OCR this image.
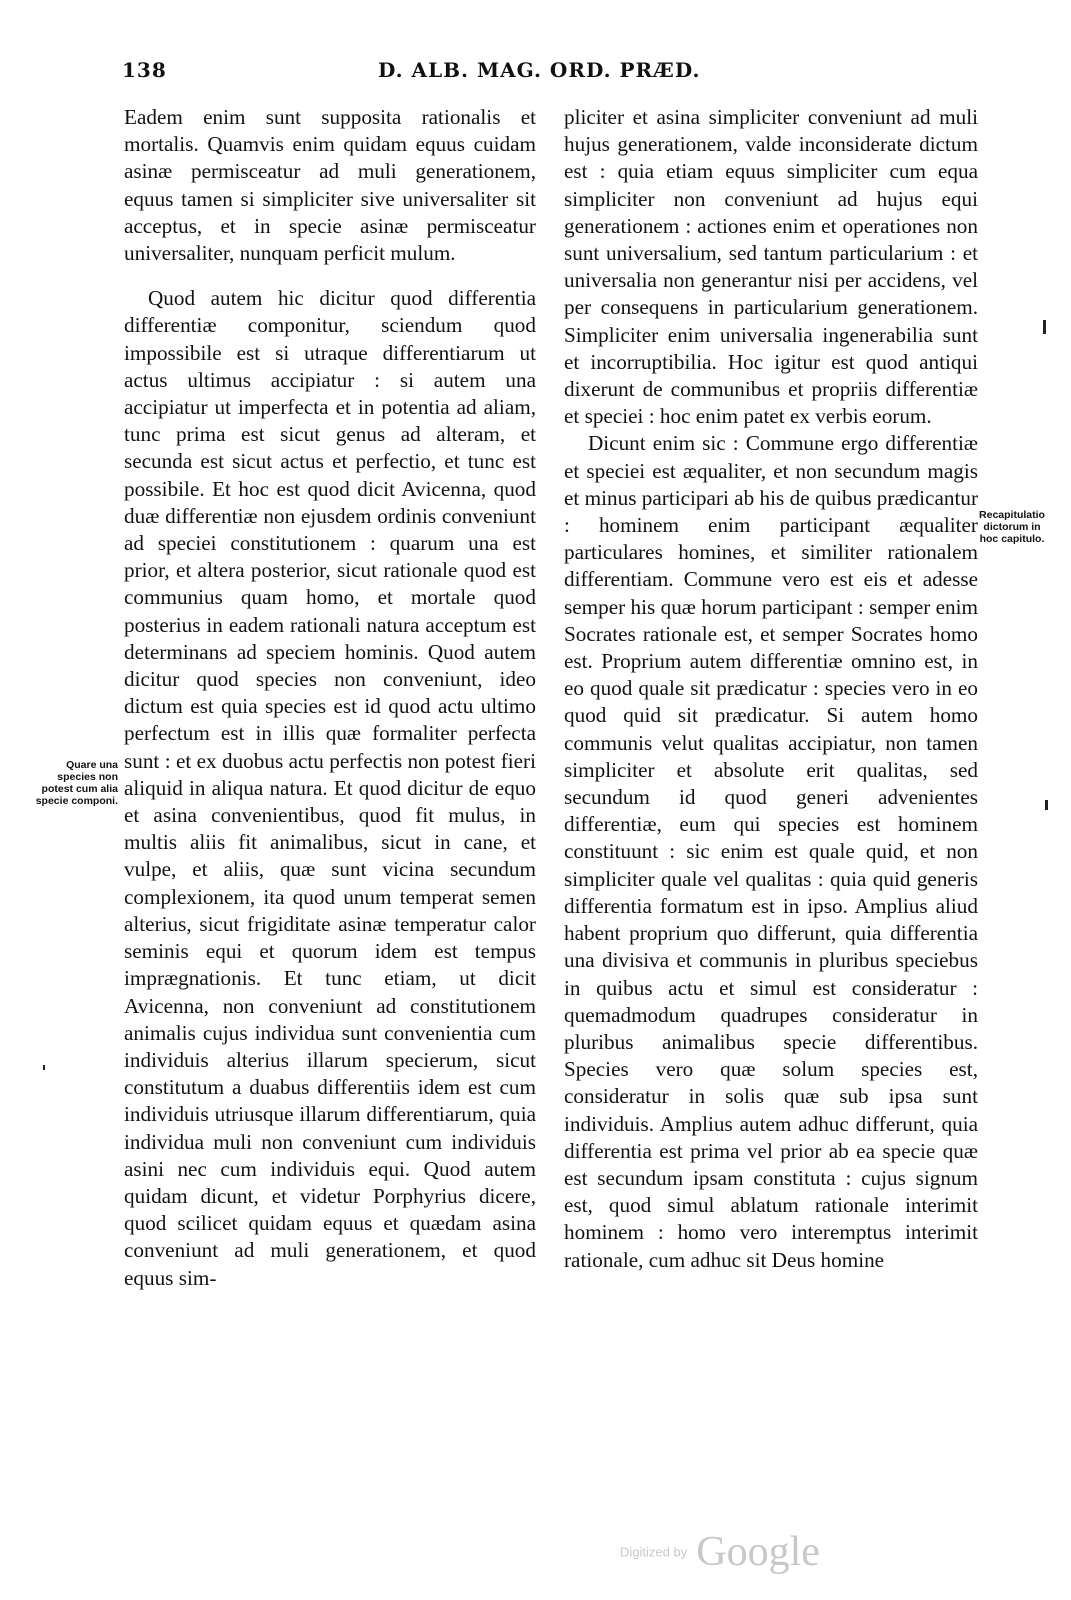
138	D. ALB. MAG. ORD. PRÆD.

Eadem enim sunt supposita rationalis et mortalis. Quamvis enim quidam equus cuidam asinæ permisceatur ad muli generationem, equus tamen si simpliciter sive universaliter sit acceptus, et in specie asinæ permisceatur universaliter, nunquam perficit mulum.

Quod autem hic dicitur quod differentia differentiæ componitur, sciendum quod impossibile est si utraque differentiarum ut actus ultimus accipiatur : si autem una accipiatur ut imperfecta et in potentia ad aliam, tunc prima est sicut genus ad alteram, et secunda est sicut actus et perfectio, et tunc est possibile. Et hoc est quod dicit Avicenna, quod duæ differentiæ non ejusdem ordinis conveniunt ad speciei constitutionem : quarum una est prior, et altera posterior, sicut rationale quod est communius quam homo, et mortale quod posterius in eadem rationali natura acceptum est determinans ad speciem hominis. Quod autem dicitur quod species non conveniunt, ideo dictum est quia species est id quod actu ultimo perfectum est in illis quæ formaliter perfecta sunt : et ex duobus actu perfectis non potest fieri aliquid in aliqua natura. Et quod dicitur de equo et asina convenientibus, quod fit mulus, in multis aliis fit animalibus, sicut in cane, et vulpe, et aliis, quæ sunt vicina secundum complexionem, ita quod unum temperat semen alterius, sicut frigiditate asinæ temperatur calor seminis equi et quorum idem est tempus imprægnationis. Et tunc etiam, ut dicit Avicenna, non conveniunt ad constitutionem animalis cujus individua sunt convenientia cum individuis alterius illarum specierum, sicut constitutum a duabus differentiis idem est cum individuis utriusque illarum differentiarum, quia individua muli non conveniunt cum individuis asini nec cum individuis equi. Quod autem quidam dicunt, et videtur Porphyrius dicere, quod scilicet quidam equus et quædam asina conveniunt ad muli generationem, et quod equus sim-

pliciter et asina simpliciter conveniunt ad muli hujus generationem, valde inconsiderate dictum est : quia etiam equus simpliciter cum equa simpliciter non conveniunt ad hujus equi generationem : actiones enim et operationes non sunt universalium, sed tantum particularium : et universalia non generantur nisi per accidens, vel per consequens in particularium generationem. Simpliciter enim universalia ingenerabilia sunt et incorruptibilia. Hoc igitur est quod antiqui dixerunt de communibus et propriis differentiæ et speciei : hoc enim patet ex verbis eorum.

Dicunt enim sic : Commune ergo differentiæ et speciei est æqualiter, et non secundum magis et minus participari ab his de quibus prædicantur : hominem enim participant æqualiter particulares homines, et similiter rationalem differentiam. Commune vero est eis et adesse semper his quæ horum participant : semper enim Socrates rationale est, et semper Socrates homo est. Proprium autem differentiæ omnino est, in eo quod quale sit prædicatur : species vero in eo quod quid sit prædicatur. Si autem homo communis velut qualitas accipiatur, non tamen simpliciter et absolute erit qualitas, sed secundum id quod generi advenientes differentiæ, eum qui species est hominem constituunt : sic enim est quale quid, et non simpliciter quale vel qualitas : quia quid generis differentia formatum est in ipso. Amplius aliud habent proprium quo differunt, quia differentia una divisiva et communis in pluribus speciebus in quibus actu et simul est consideratur : quemadmodum quadrupes consideratur in pluribus animalibus specie differentibus. Species vero quæ solum species est, consideratur in solis quæ sub ipsa sunt individuis. Amplius autem adhuc differunt, quia differentia est prima vel prior ab ea specie quæ est secundum ipsam constituta : cujus signum est, quod simul ablatum rationale interimit hominem : homo vero interemptus interimit rationale, cum adhuc sit Deus homine

Quare una species non potest cum alia specie componi.
Recapitulatio dictorum in hoc capitulo.
Digitized by Google
